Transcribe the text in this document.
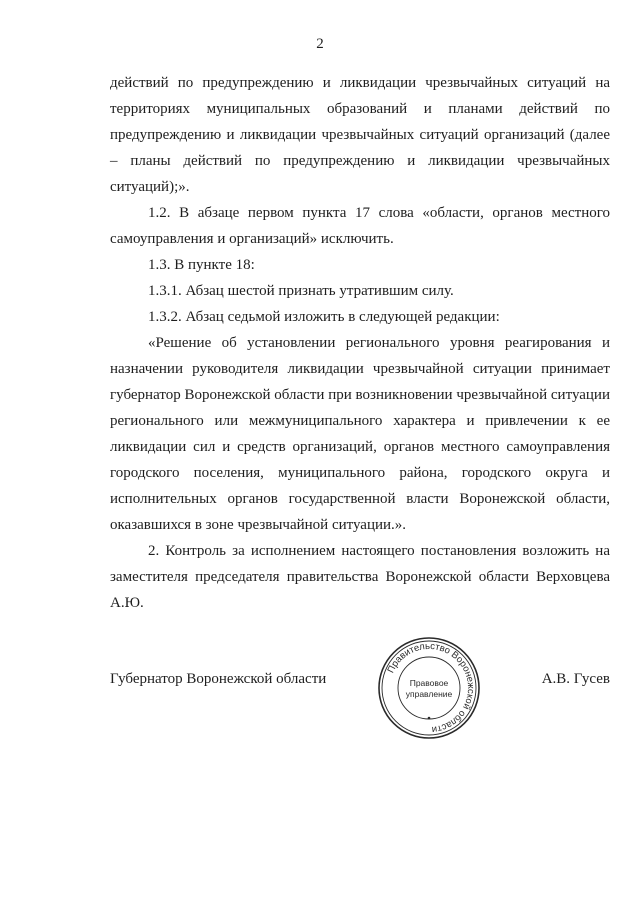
2

действий по предупреждению и ликвидации чрезвычайных ситуаций на территориях муниципальных образований и планами действий по предупреждению и ликвидации чрезвычайных ситуаций организаций (далее – планы действий по предупреждению и ликвидации чрезвычайных ситуаций);».

1.2. В абзаце первом пункта 17 слова «области, органов местного самоуправления и организаций» исключить.

1.3. В пункте 18:

1.3.1. Абзац шестой признать утратившим силу.

1.3.2. Абзац седьмой изложить в следующей редакции:

«Решение об установлении регионального уровня реагирования и назначении руководителя ликвидации чрезвычайной ситуации принимает губернатор Воронежской области при возникновении чрезвычайной ситуации регионального или межмуниципального характера и привлечении к ее ликвидации сил и средств организаций, органов местного самоуправления городского поселения, муниципального района, городского округа и исполнительных органов государственной власти Воронежской области, оказавшихся в зоне чрезвычайной ситуации.».

2. Контроль за исполнением настоящего постановления возложить на заместителя председателя правительства Воронежской области Верховцева А.Ю.

Губернатор Воронежской области	А.В. Гусев
Правительство Воронежской области
Правовое
управление
